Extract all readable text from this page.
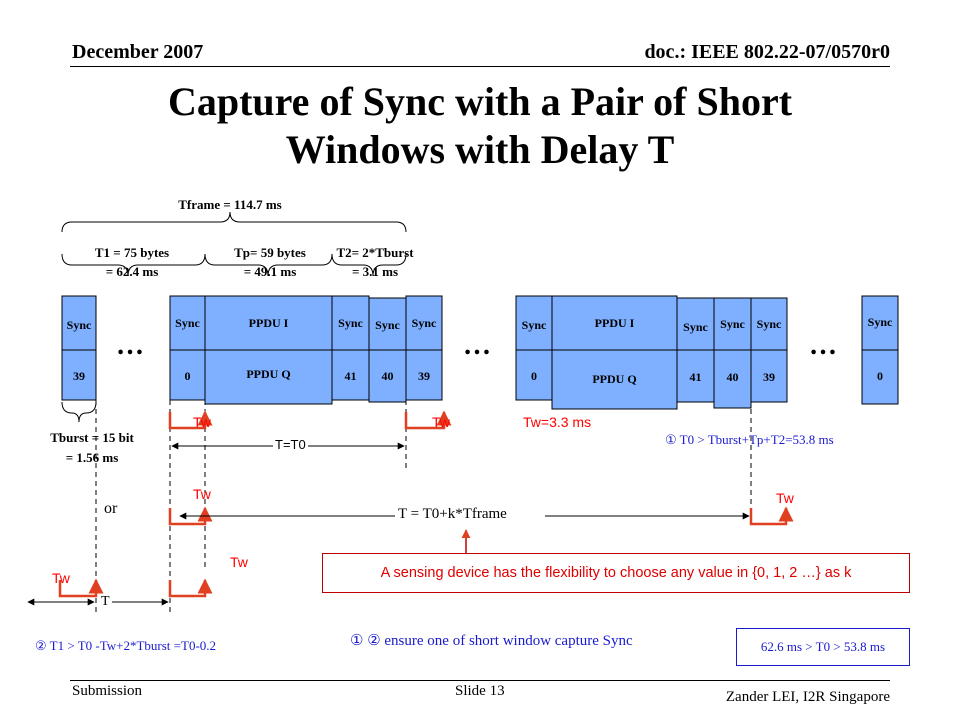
December 2007	doc.: IEEE 802.22-07/0570r0
Capture of Sync with a Pair of Short
Windows with Delay T
Tframe = 114.7 ms
T1 = 75 bytes
= 62.4 ms
Tp= 59 bytes
= 49.1 ms
T2= 2*Tburst
= 3.1 ms
Sync
39
…
Sync
0
PPDU I
PPDU Q
Sync
41
Sync
40
Sync
39
…
Sync
0
PPDU I
PPDU Q
Sync
41
Sync
40
Sync
39
…
Sync
0
Tburst = 15 bit
= 1.56 ms
Tw	Tw	Tw=3.3 ms
Tw	Tw
Tw
Tw
T=T0
T = T0+k*Tframe
or
T
① T0 > Tburst+Tp+T2=53.8 ms
② T1 > T0 -Tw+2*Tburst =T0-0.2	① ② ensure one of short window capture Sync	62.6 ms > T0 > 53.8 ms
A sensing device has the flexibility to choose any value in {0, 1, 2 …} as k
Submission	Slide 13	Zander LEI, I2R Singapore
